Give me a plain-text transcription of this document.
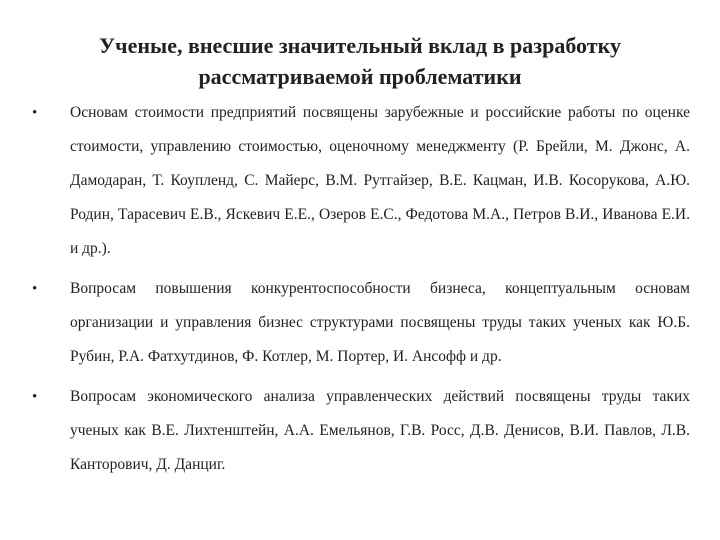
Ученые, внесшие значительный вклад в разработку рассматриваемой проблематики
• Основам стоимости предприятий посвящены зарубежные и российские работы по оценке стоимости, управлению стоимостью, оценочному менеджменту (Р. Брейли, М. Джонс, А. Дамодаран, Т. Коупленд, С. Майерс, В.М. Рутгайзер, В.Е. Кацман, И.В. Косорукова, А.Ю. Родин, Тарасевич Е.В., Яскевич Е.Е., Озеров Е.С., Федотова М.А., Петров В.И., Иванова Е.И. и др.).
• Вопросам повышения конкурентоспособности бизнеса, концептуальным основам организации и управления бизнес структурами посвящены труды таких ученых как Ю.Б. Рубин, Р.А. Фатхутдинов, Ф. Котлер, М. Портер, И. Ансофф и др.
• Вопросам экономического анализа управленческих действий посвящены труды таких ученых как В.Е. Лихтенштейн, А.А. Емельянов, Г.В. Росс, Д.В. Денисов, В.И. Павлов, Л.В. Канторович, Д. Данциг.
